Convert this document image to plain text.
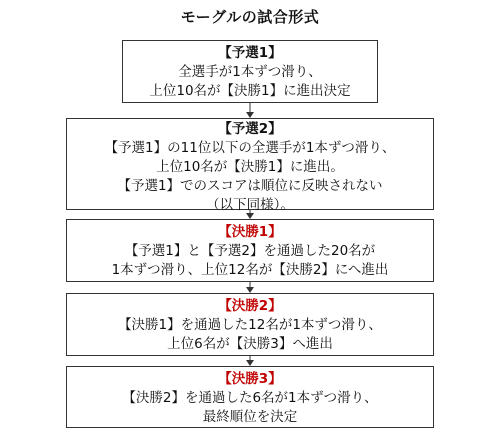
モーグルの試合形式
【予選1】
全選手が1本ずつ滑り、
上位10名が【決勝1】に進出決定
【予選2】
【予選1】の11位以下の全選手が1本ずつ滑り、
上位10名が【決勝1】に進出。
【予選1】でのスコアは順位に反映されない
（以下同様）。
【決勝1】
【予選1】と【予選2】を通過した20名が
1本ずつ滑り、上位12名が【決勝2】にへ進出
【決勝2】
【決勝1】を通過した12名が1本ずつ滑り、
上位6名が【決勝3】へ進出
【決勝3】
【決勝2】を通過した6名が1本ずつ滑り、
最終順位を決定
